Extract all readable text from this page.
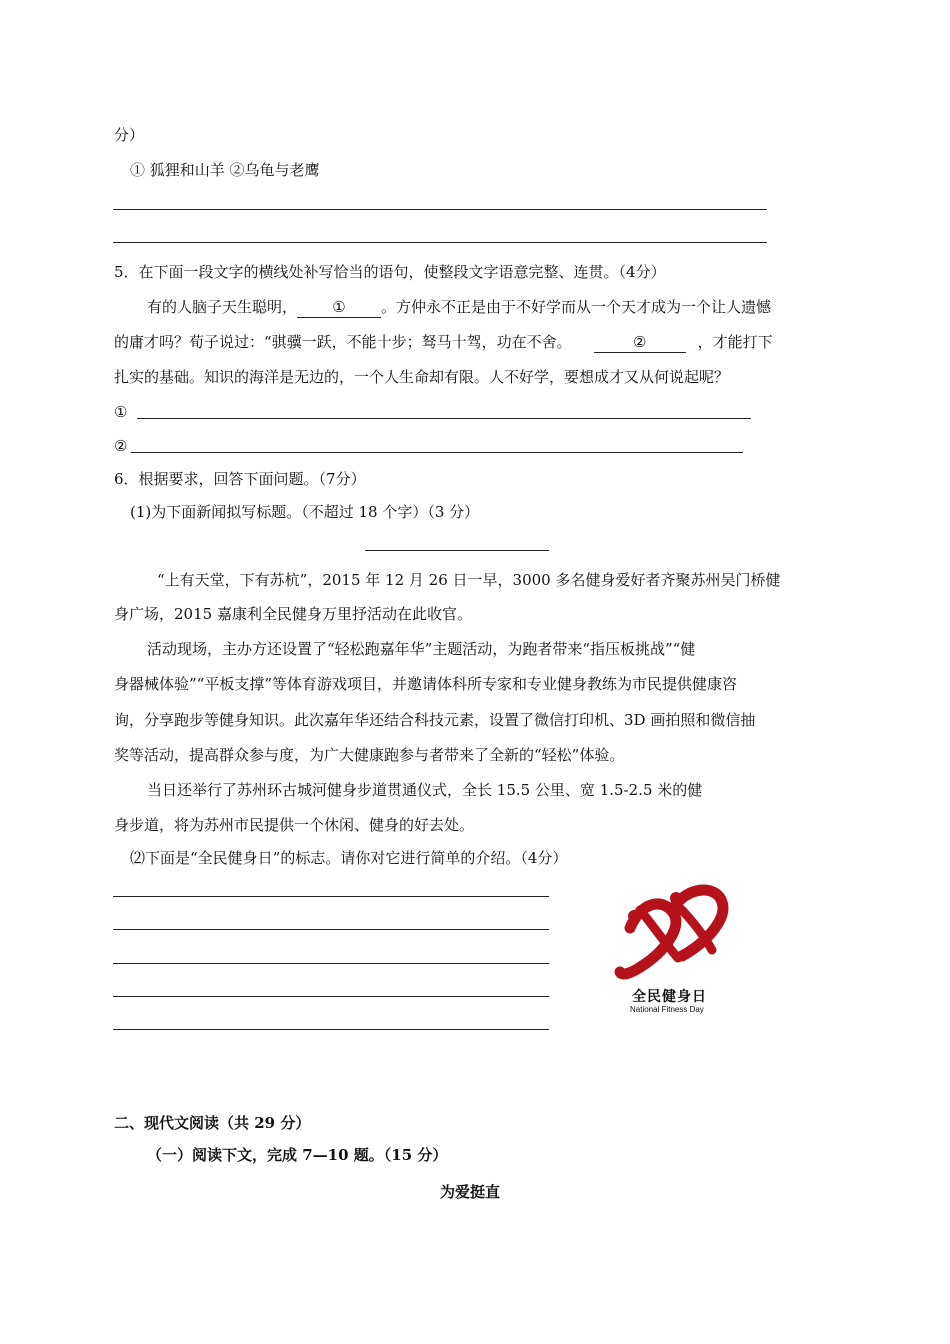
分）
① 狐狸和山羊 ②乌龟与老鹰
5．在下面一段文字的横线处补写恰当的语句，使整段文字语意完整、连贯。（4分）
有的人脑子天生聪明， ① 。方仲永不正是由于不好学而从一个天才成为一个让人遗憾
的庸才吗？荀子说过：“骐骥一跃，不能十步；驽马十驾，功在不舍。	②	，才能打下
扎实的基础。知识的海洋是无边的，一个人生命却有限。人不好学，要想成才又从何说起呢？
①
②
6．根据要求，回答下面问题。（7分）
(1)为下面新闻拟写标题。（不超过 18 个字）（3 分）
“上有天堂，下有苏杭”，2015 年 12 月 26 日一早，3000 多名健身爱好者齐聚苏州吴门桥健
身广场，2015 嘉康利全民健身万里抒活动在此收官。
活动现场，主办方还设置了“轻松跑嘉年华”主题活动，为跑者带来“指压板挑战”“健
身器械体验”“平板支撑”等体育游戏项目，并邀请体科所专家和专业健身教练为市民提供健康咨
询，分享跑步等健身知识。此次嘉年华还结合科技元素，设置了微信打印机、3D 画拍照和微信抽
奖等活动，提高群众参与度，为广大健康跑参与者带来了全新的“轻松”体验。
当日还举行了苏州环古城河健身步道贯通仪式，全长 15.5 公里、宽 1.5-2.5 米的健
身步道，将为苏州市民提供一个休闲、健身的好去处。
⑵下面是“全民健身日”的标志。请你对它进行简单的介绍。（4分）
全民健身日
National Fitness Day
二、现代文阅读（共 29 分）
（一）阅读下文，完成 7—10 题。（15 分）
为爱挺直
